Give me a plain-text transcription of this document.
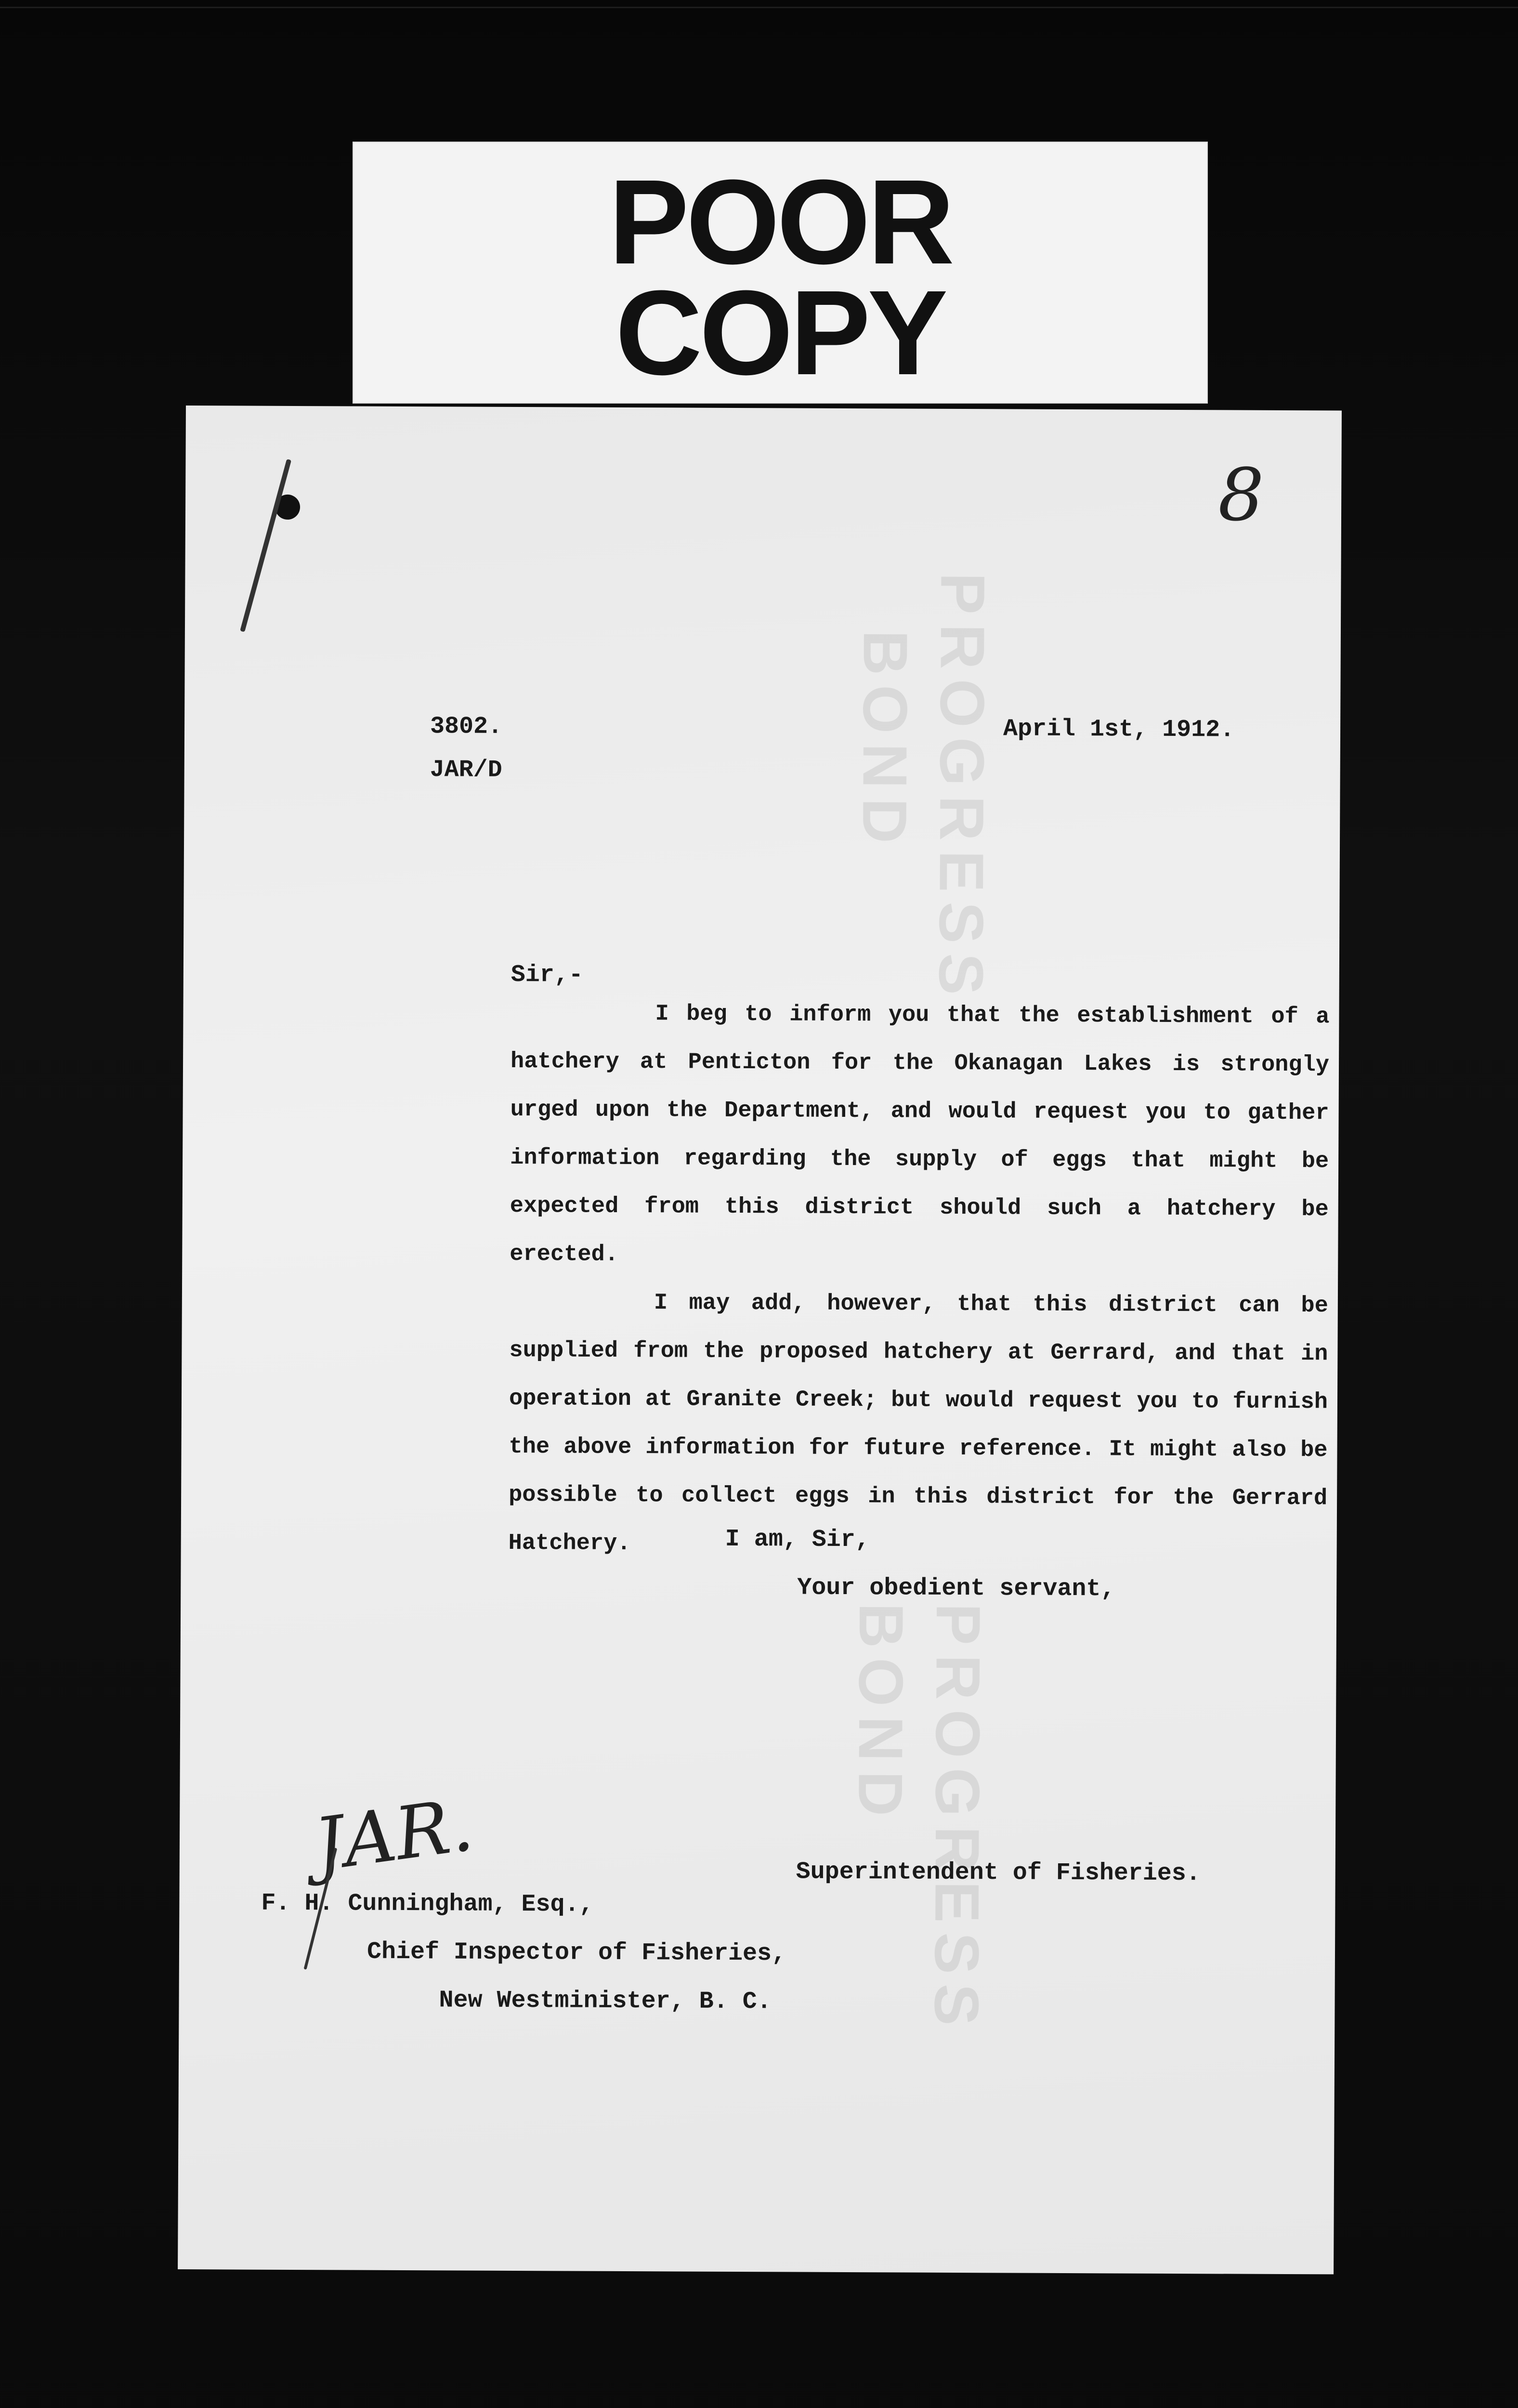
POOR
COPY
8
PROGRESS
BOND
PROGRESS
BOND
3802.
JAR/D
April 1st, 1912.
Sir,-

I beg to inform you that the establishment of a hatchery at Penticton for the Okanagan Lakes is strongly urged upon the Department, and would request you to gather information regarding the supply of eggs that might be expected from this district should such a hatchery be erected.

I may add, however, that this district can be supplied from the proposed hatchery at Gerrard, and that in operation at Granite Creek; but would request you to furnish the above information for future reference. It might also be possible to collect eggs in this district for the Gerrard Hatchery.	I am, Sir,
Your obedient servant,
Superintendent of Fisheries.
JAR.
F. H. Cunningham, Esq.,
Chief Inspector of Fisheries,
New Westminister, B. C.
